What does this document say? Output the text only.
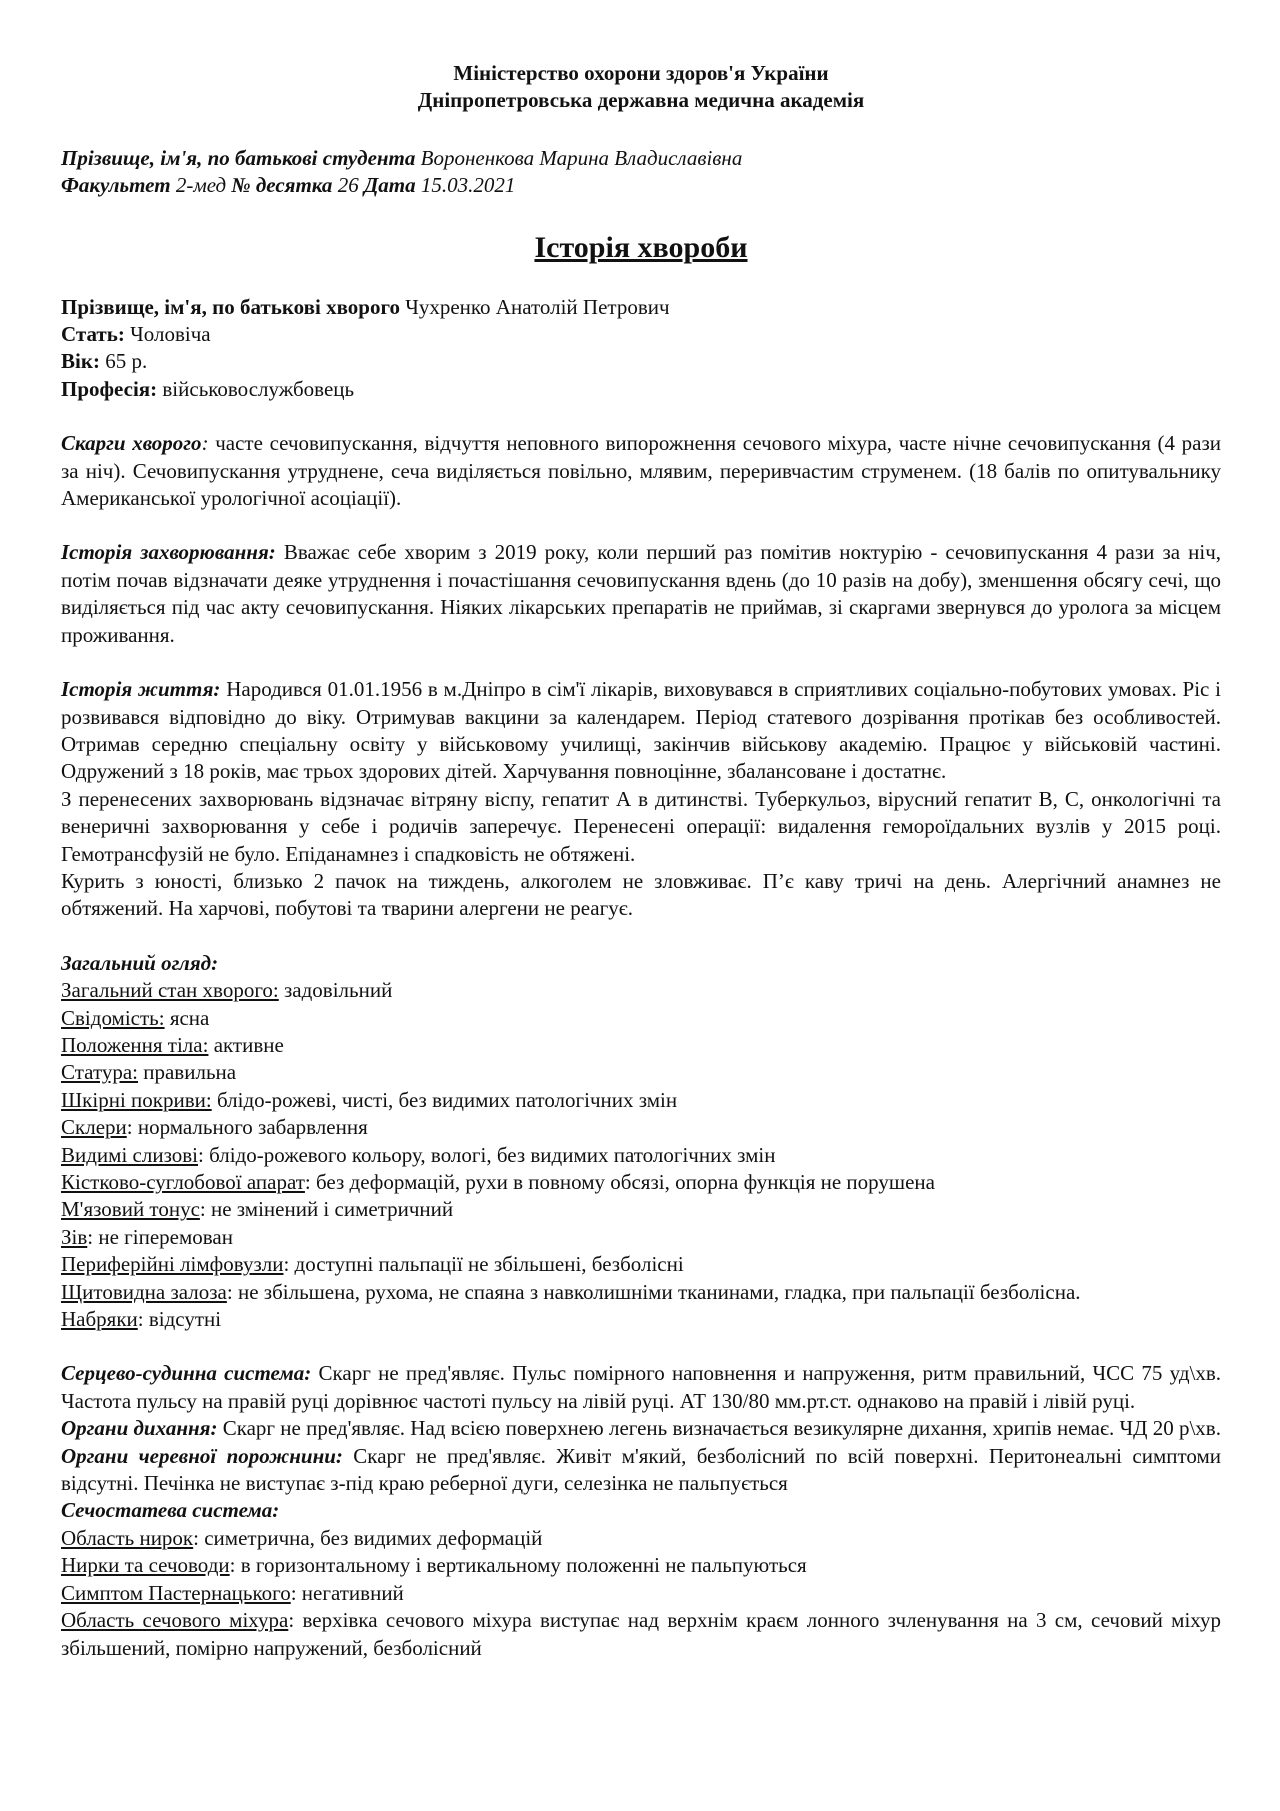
Міністерство охорони здоров'я України

Дніпропетровська державна медична академія

Прізвище, ім'я, по батькові студента Вороненкова Марина Владиславівна

Факультет 2-мед № десятка 26 Дата 15.03.2021

Історія хвороби

Прізвище, ім'я, по батькові хворого Чухренко Анатолій Петрович

Стать: Чоловіча

Вік: 65 р.

Професія: військовослужбовець

Скарги хворого: часте сечовипускання, відчуття неповного випорожнення сечового міхура, часте нічне сечовипускання (4 рази за ніч). Сечовипускання утруднене, сеча виділяється повільно, млявим, переривчастим струменем. (18 балів по опитувальнику Американської урологічної асоціації).

Історія захворювання: Вважає себе хворим з 2019 року, коли перший раз помітив ноктурію - сечовипускання 4 рази за ніч, потім почав відзначати деяке утруднення і почастішання сечовипускання вдень (до 10 разів на добу), зменшення обсягу сечі, що виділяється під час акту сечовипускання. Ніяких лікарських препаратів не приймав, зі скаргами звернувся до уролога за місцем проживання.

Історія життя: Народився 01.01.1956 в м.Дніпро в сім'ї лікарів, виховувався в сприятливих соціально-побутових умовах. Ріс і розвивався відповідно до віку. Отримував вакцини за календарем. Період статевого дозрівання протікав без особливостей. Отримав середню спеціальну освіту у військовому училищі, закінчив військову академію. Працює у військовій частині. Одружений з 18 років, має трьох здорових дітей. Харчування повноцінне, збалансоване і достатнє.

З перенесених захворювань відзначає вітряну віспу, гепатит А в дитинстві. Туберкульоз, вірусний гепатит В, С, онкологічні та венеричні захворювання у себе і родичів заперечує. Перенесені операції: видалення гемороїдальних вузлів у 2015 році. Гемотрансфузій не було. Епіданамнез і спадковість не обтяжені.

Курить з юності, близько 2 пачок на тиждень, алкоголем не зловживає. П’є каву тричі на день. Алергічний анамнез не обтяжений. На харчові, побутові та тварини алергени не реагує.

Загальний огляд:

Загальний стан хворого: задовільний

Свідомість: ясна

Положення тіла: активне

Статура: правильна

Шкірні покриви: блідо-рожеві, чисті, без видимих патологічних змін

Склери: нормального забарвлення

Видимі слизові: блідо-рожевого кольору, вологі, без видимих патологічних змін

Кістково-суглобової апарат: без деформацій, рухи в повному обсязі, опорна функція не порушена

М'язовий тонус: не змінений і симетричний

Зів: не гіперемован

Периферійні лімфовузли: доступні пальпації не збільшені, безболісні

Щитовидна залоза: не збільшена, рухома, не спаяна з навколишніми тканинами, гладка, при пальпації безболісна.

Набряки: відсутні

Серцево-судинна система: Скарг не пред'являє. Пульс помірного наповнення и напруження, ритм правильний, ЧСС 75 уд\хв. Частота пульсу на правій руці дорівнює частоті пульсу на лівій руці. АТ 130/80 мм.рт.ст. однаково на правій і лівій руці.

Органи дихання: Скарг не пред'являє. Над всією поверхнею легень визначається везикулярне дихання, хрипів немає. ЧД 20 р\хв.

Органи черевної порожнини: Скарг не пред'являє. Живіт м'який, безболісний по всій поверхні. Перитонеальні симптоми відсутні. Печінка не виступає з-під краю реберної дуги, селезінка не пальпується

Сечостатева система:

Область нирок: симетрична, без видимих деформацій

Нирки та сечоводи: в горизонтальному і вертикальному положенні не пальпуються

Симптом Пастернацького: негативний

Область сечового міхура: верхівка сечового міхура виступає над верхнім краєм лонного зчленування на 3 см, сечовий міхур збільшений, помірно напружений, безболісний
